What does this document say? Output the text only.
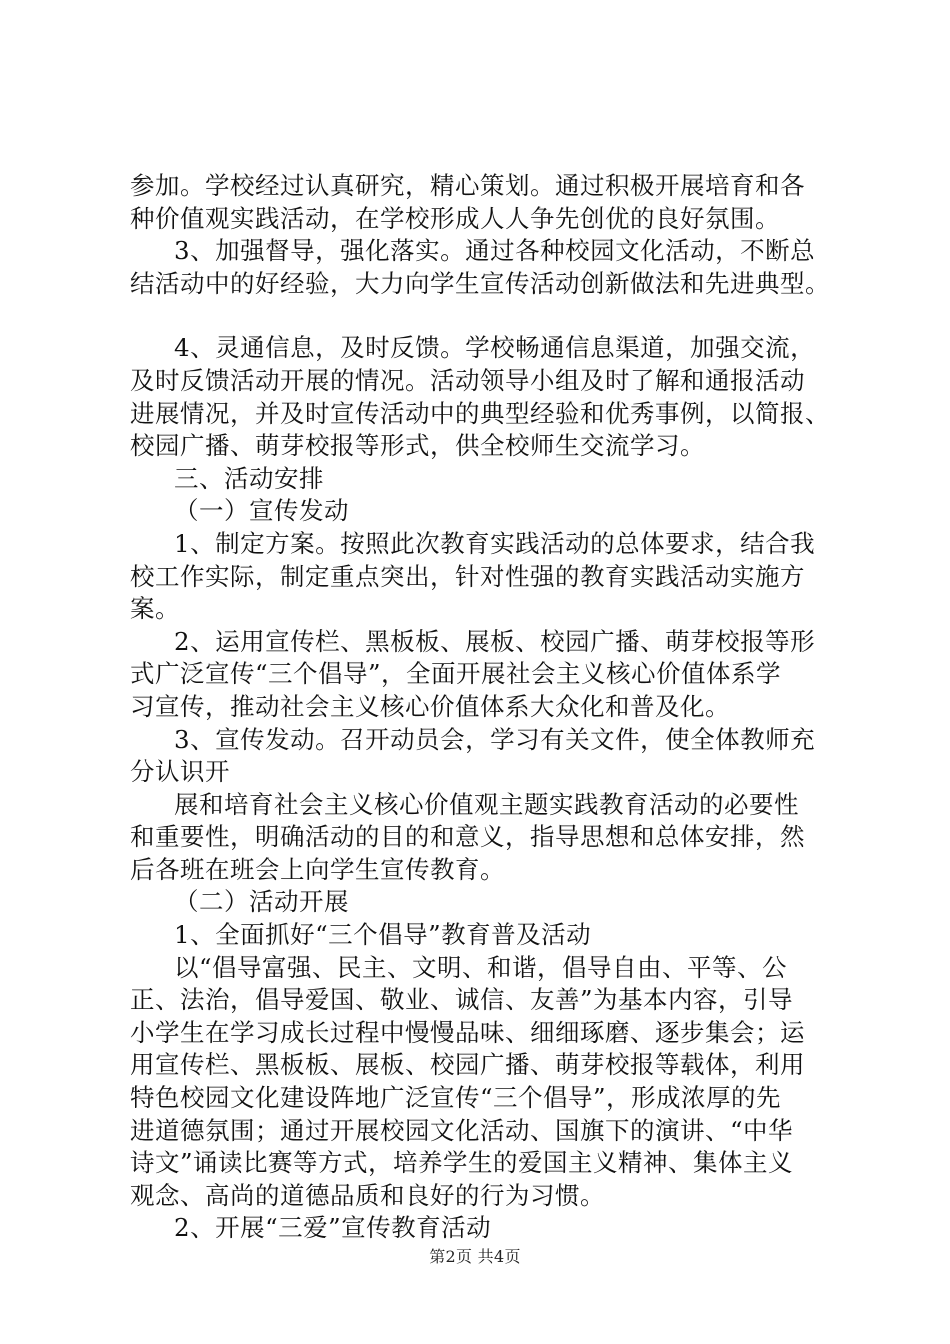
参加。学校经过认真研究，精心策划。通过积极开展培育和各
种价值观实践活动，在学校形成人人争先创优的良好氛围。
3、加强督导，强化落实。通过各种校园文化活动，不断总
结活动中的好经验，大力向学生宣传活动创新做法和先进典型。
4、灵通信息，及时反馈。学校畅通信息渠道，加强交流，
及时反馈活动开展的情况。活动领导小组及时了解和通报活动
进展情况，并及时宣传活动中的典型经验和优秀事例，以简报、
校园广播、萌芽校报等形式，供全校师生交流学习。
三、活动安排
（一）宣传发动
1、制定方案。按照此次教育实践活动的总体要求，结合我
校工作实际，制定重点突出，针对性强的教育实践活动实施方
案。
2、运用宣传栏、黑板板、展板、校园广播、萌芽校报等形
式广泛宣传“三个倡导”，全面开展社会主义核心价值体系学
习宣传，推动社会主义核心价值体系大众化和普及化。
3、宣传发动。召开动员会，学习有关文件，使全体教师充
分认识开
展和培育社会主义核心价值观主题实践教育活动的必要性
和重要性，明确活动的目的和意义，指导思想和总体安排，然
后各班在班会上向学生宣传教育。
（二）活动开展
1、全面抓好“三个倡导”教育普及活动
以“倡导富强、民主、文明、和谐，倡导自由、平等、公
正、法治，倡导爱国、敬业、诚信、友善”为基本内容，引导
小学生在学习成长过程中慢慢品味、细细琢磨、逐步集会；运
用宣传栏、黑板板、展板、校园广播、萌芽校报等载体，利用
特色校园文化建设阵地广泛宣传“三个倡导”，形成浓厚的先
进道德氛围；通过开展校园文化活动、国旗下的演讲、“中华
诗文”诵读比赛等方式，培养学生的爱国主义精神、集体主义
观念、高尚的道德品质和良好的行为习惯。
2、开展“三爱”宣传教育活动
第2页 共4页
